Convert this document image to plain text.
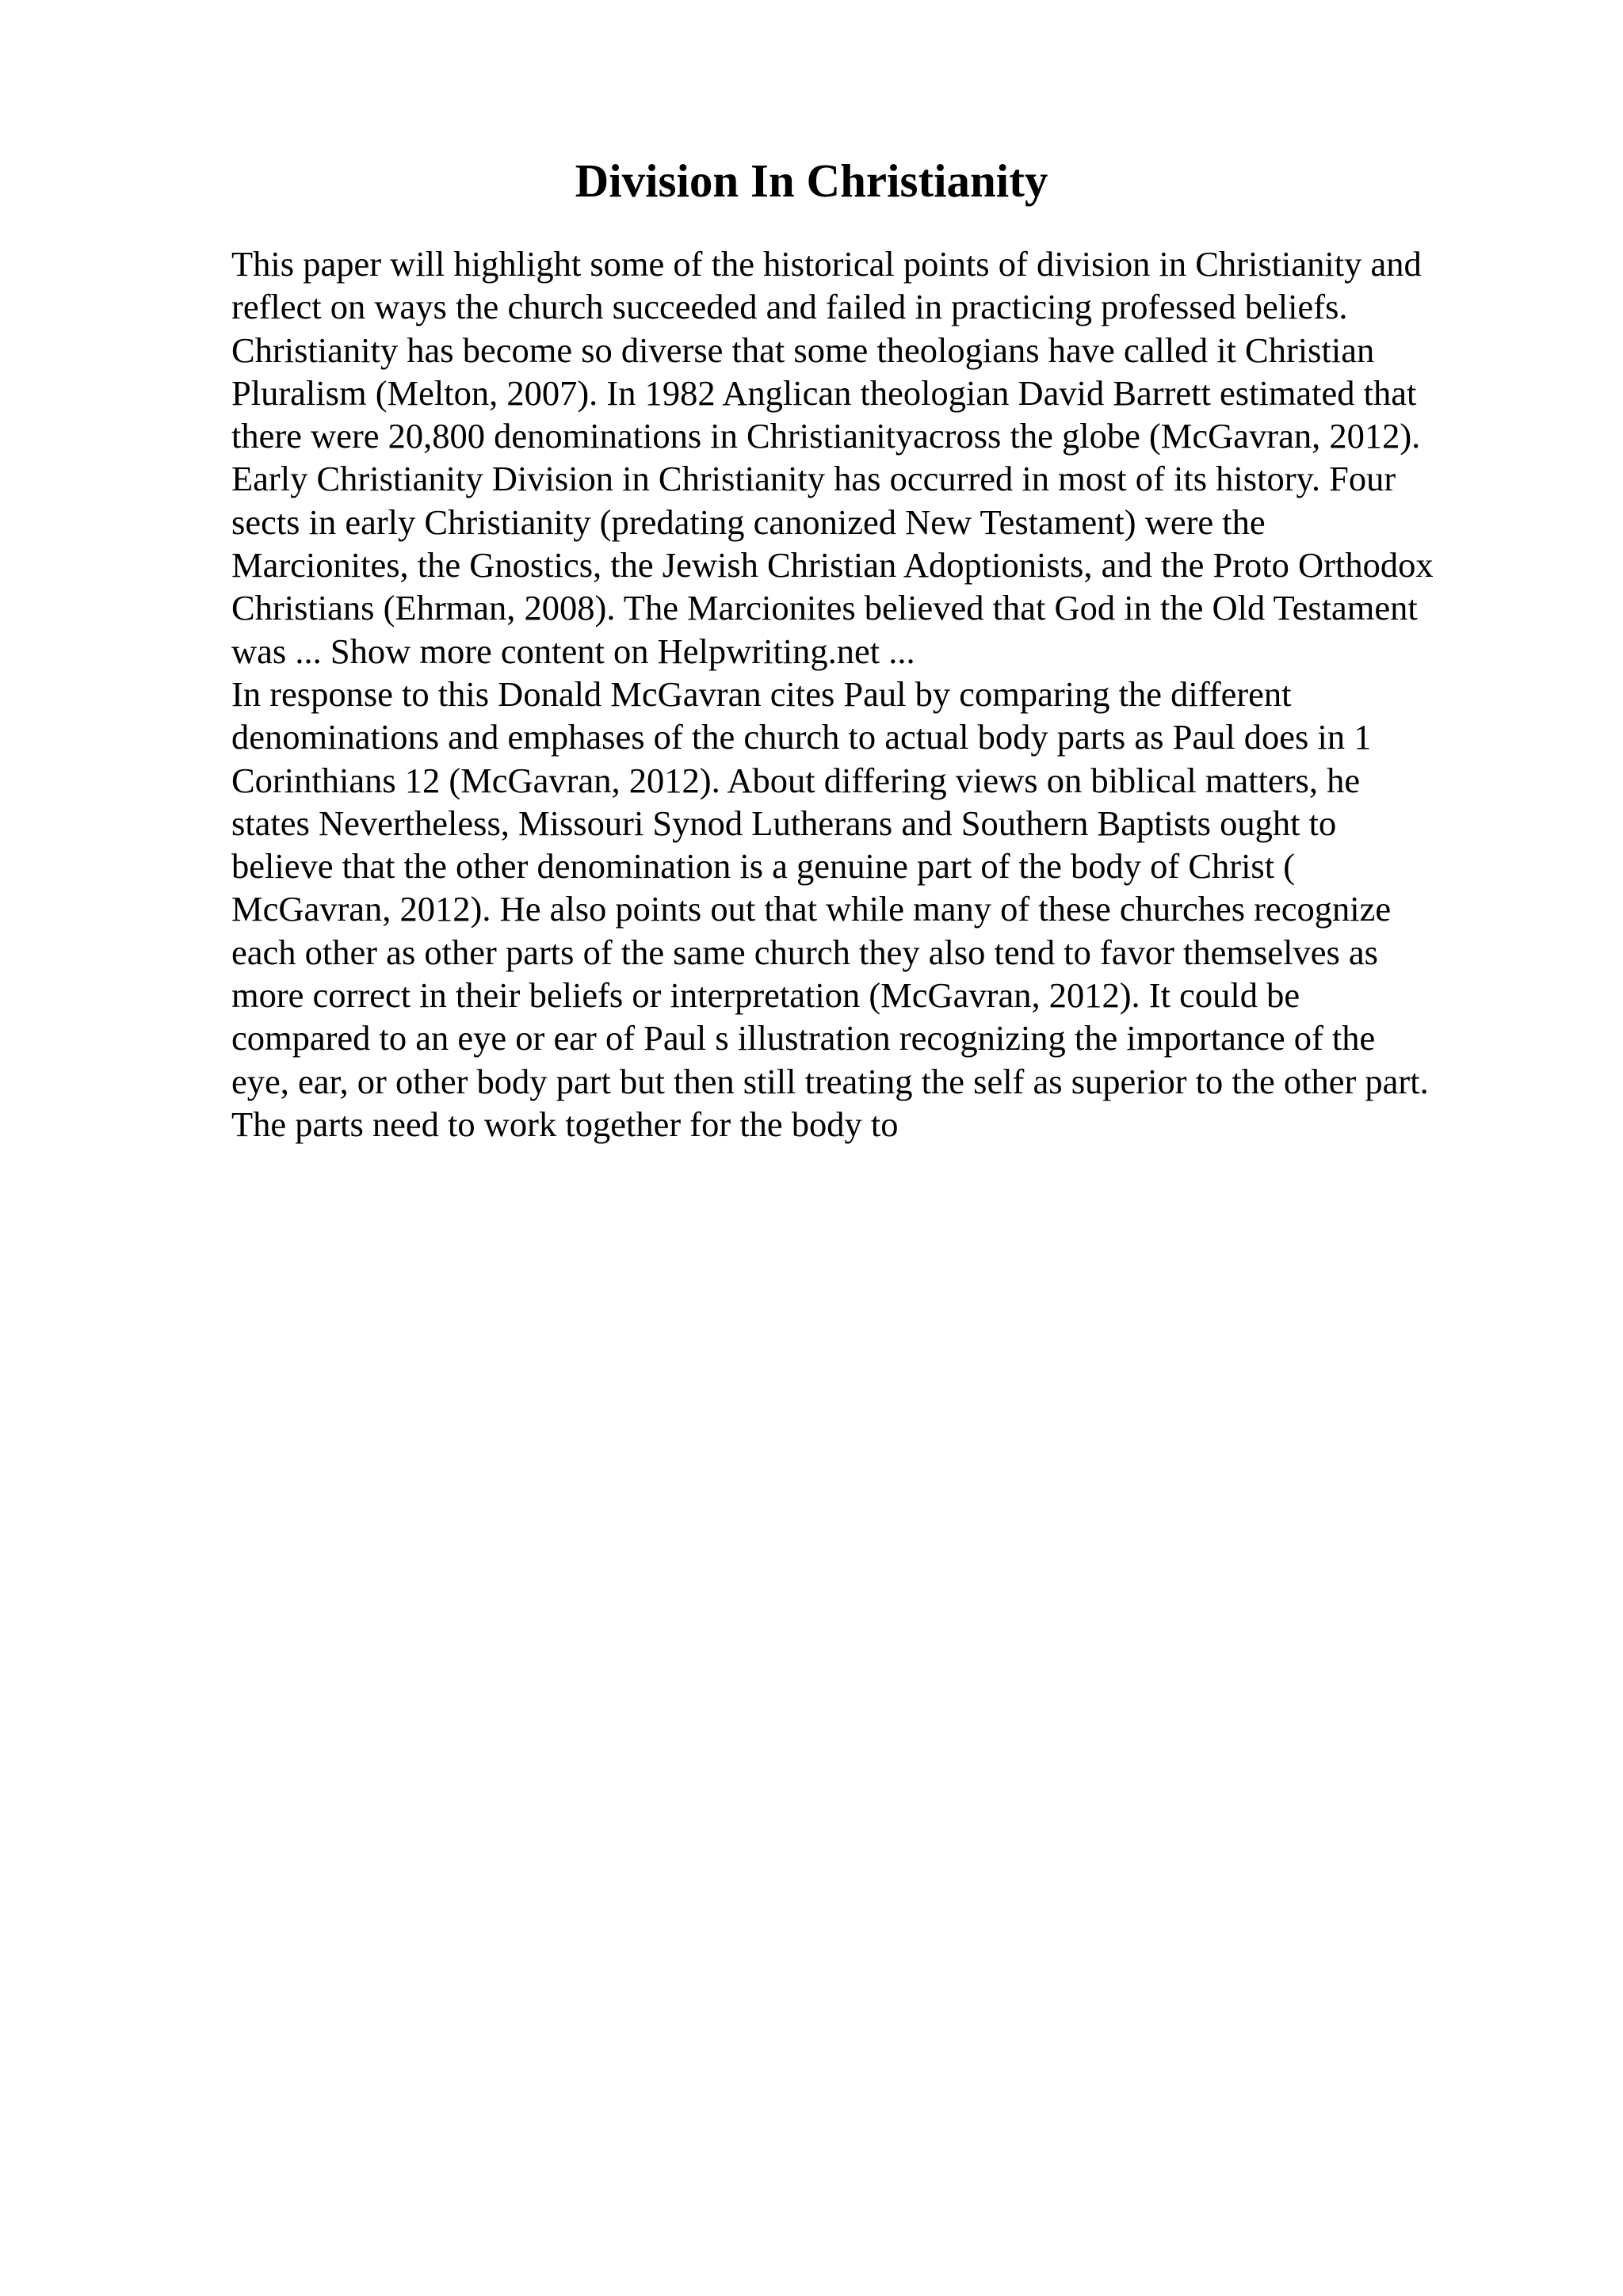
Division In Christianity
This paper will highlight some of the historical points of division in Christianity and
reflect on ways the church succeeded and failed in practicing professed beliefs.
Christianity has become so diverse that some theologians have called it Christian
Pluralism (Melton, 2007). In 1982 Anglican theologian David Barrett estimated that
there were 20,800 denominations in Christianityacross the globe (McGavran, 2012).
Early Christianity Division in Christianity has occurred in most of its history. Four
sects in early Christianity (predating canonized New Testament) were the
Marcionites, the Gnostics, the Jewish Christian Adoptionists, and the Proto Orthodox
Christians (Ehrman, 2008). The Marcionites believed that God in the Old Testament
was ... Show more content on Helpwriting.net ...
In response to this Donald McGavran cites Paul by comparing the different
denominations and emphases of the church to actual body parts as Paul does in 1
Corinthians 12 (McGavran, 2012). About differing views on biblical matters, he
states Nevertheless, Missouri Synod Lutherans and Southern Baptists ought to
believe that the other denomination is a genuine part of the body of Christ (
McGavran, 2012). He also points out that while many of these churches recognize
each other as other parts of the same church they also tend to favor themselves as
more correct in their beliefs or interpretation (McGavran, 2012). It could be
compared to an eye or ear of Paul s illustration recognizing the importance of the
eye, ear, or other body part but then still treating the self as superior to the other part.
The parts need to work together for the body to
